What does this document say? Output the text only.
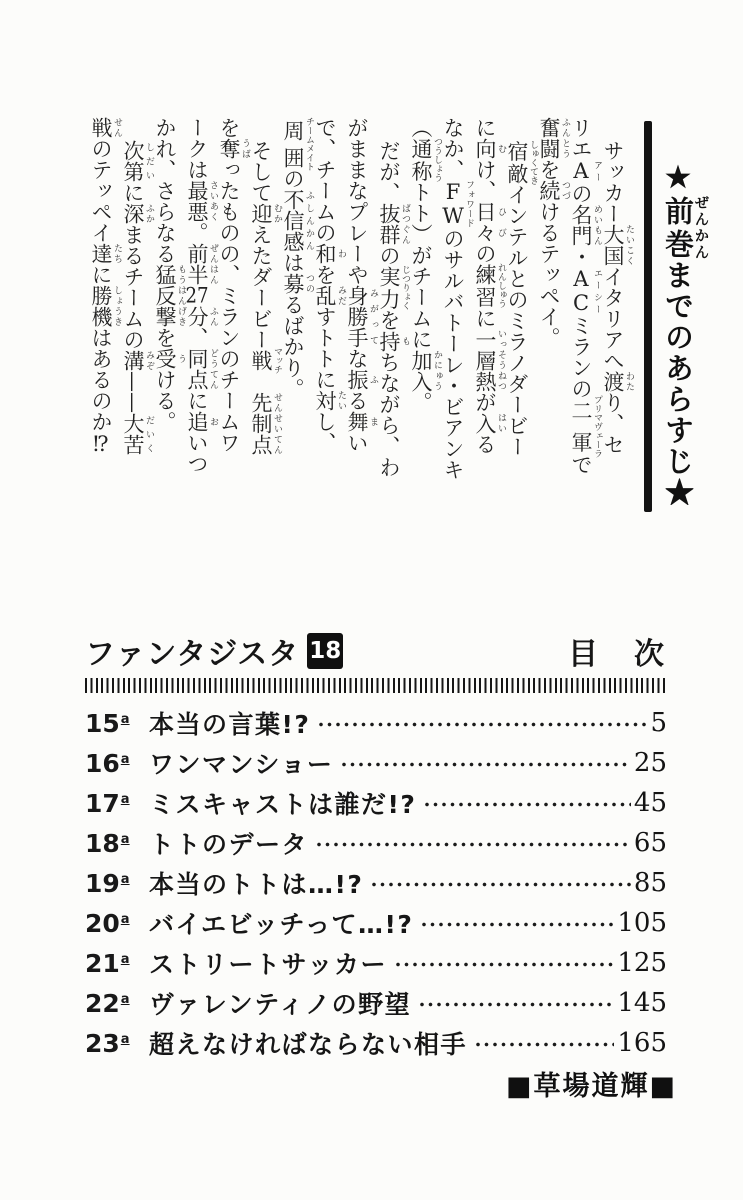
★前巻ぜんかんまでのあらすじ★
サッカー大国 たいこくイタリアへ渡 わたり、セ
リエA アーの名門 めいもん・AC エーシーミランの二軍 プリマヴェーラで
奮闘 ふんとうを続 つづけるテッペイ。
宿敵 しゅくてきインテルとのミラノダービー
に向 むけ、日々 ひびの練習 れんしゅうに一層 いっそう熱 ねつが入 はいる
なか、FW フォワードのサルバトーレ・ビアンキ
（通称 つうしょうトト）がチームに加入 かにゅう。
だが、抜群 ばつぐんの実力 じつりょくを持 もちながら、わ
がままなプレーや身勝手 みがってな振 ふる舞 まい
で、チームの和 わを乱 みだすトトに対 たいし、
周囲 チームメイトの不信感 ふしんかんは募 つのるばかり。
そして迎 むかえたダービー戦 マッチ　先制点 せんせいてん
を奪 うばったものの、ミランのチームワ
ークは最悪 さいあく。前半 ぜんはん27分 ふん、同点 どうてんに追 おいつ
かれ、さらなる猛反撃 もうはんげきを受 うける。
次第 しだいに深 ふかまるチームの溝 みぞ——大苦 だいく
戦 せんのテッペイ達 たちに勝機 しょうきはあるのか⁉
ファンタジスタ 18	目　次
15$^a$ 本当の言葉!?	5
16$^a$ ワンマンショー	25
17$^a$ ミスキャストは誰だ!?	45
18$^a$ トトのデータ	65
19$^a$ 本当のトトは…!?	85
20$^a$ バイエビッチって…!?	105
21$^a$ ストリートサッカー	125
22$^a$ ヴァレンティノの野望	145
23$^a$ 超えなければならない相手	165
■草場道輝■
